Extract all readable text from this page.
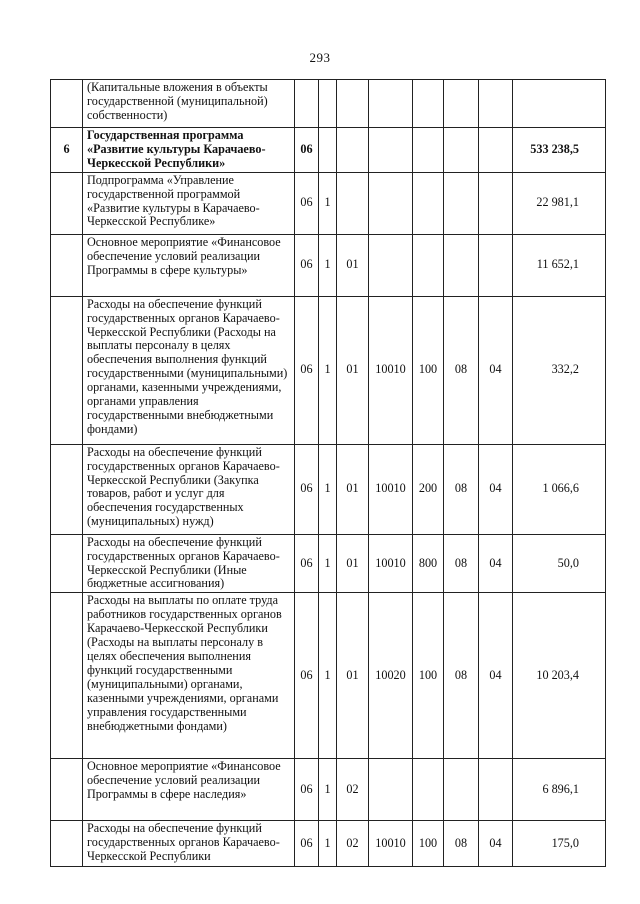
293
	(Капитальные вложения в объекты государственной (муниципальной) собственности)								
6	Государственная программа «Развитие культуры Карачаево-Черкесской Республики»	06							533 238,5
	Подпрограмма «Управление государственной программой «Развитие культуры в Карачаево-Черкесской Республике»	06	1						22 981,1
	Основное мероприятие «Финансовое обеспечение условий реализации Программы в сфере культуры»	06	1	01					11 652,1
	Расходы на обеспечение функций государственных органов Карачаево-Черкесской Республики (Расходы на выплаты персоналу в целях обеспечения выполнения функций государственными (муниципальными) органами, казенными учреждениями, органами управления государственными внебюджетными фондами)	06	1	01	10010	100	08	04	332,2
	Расходы на обеспечение функций государственных органов Карачаево-Черкесской Республики (Закупка товаров, работ и услуг для обеспечения государственных (муниципальных) нужд)	06	1	01	10010	200	08	04	1 066,6
	Расходы на обеспечение функций государственных органов Карачаево-Черкесской Республики (Иные бюджетные ассигнования)	06	1	01	10010	800	08	04	50,0
	Расходы на выплаты по оплате труда работников государственных органов Карачаево-Черкесской Республики (Расходы на выплаты персоналу в целях обеспечения выполнения функций государственными (муниципальными) органами, казенными учреждениями, органами управления государственными внебюджетными фондами)	06	1	01	10020	100	08	04	10 203,4
	Основное мероприятие «Финансовое обеспечение условий реализации Программы в сфере наследия»	06	1	02					6 896,1
	Расходы на обеспечение функций государственных органов Карачаево-Черкесской Республики	06	1	02	10010	100	08	04	175,0
